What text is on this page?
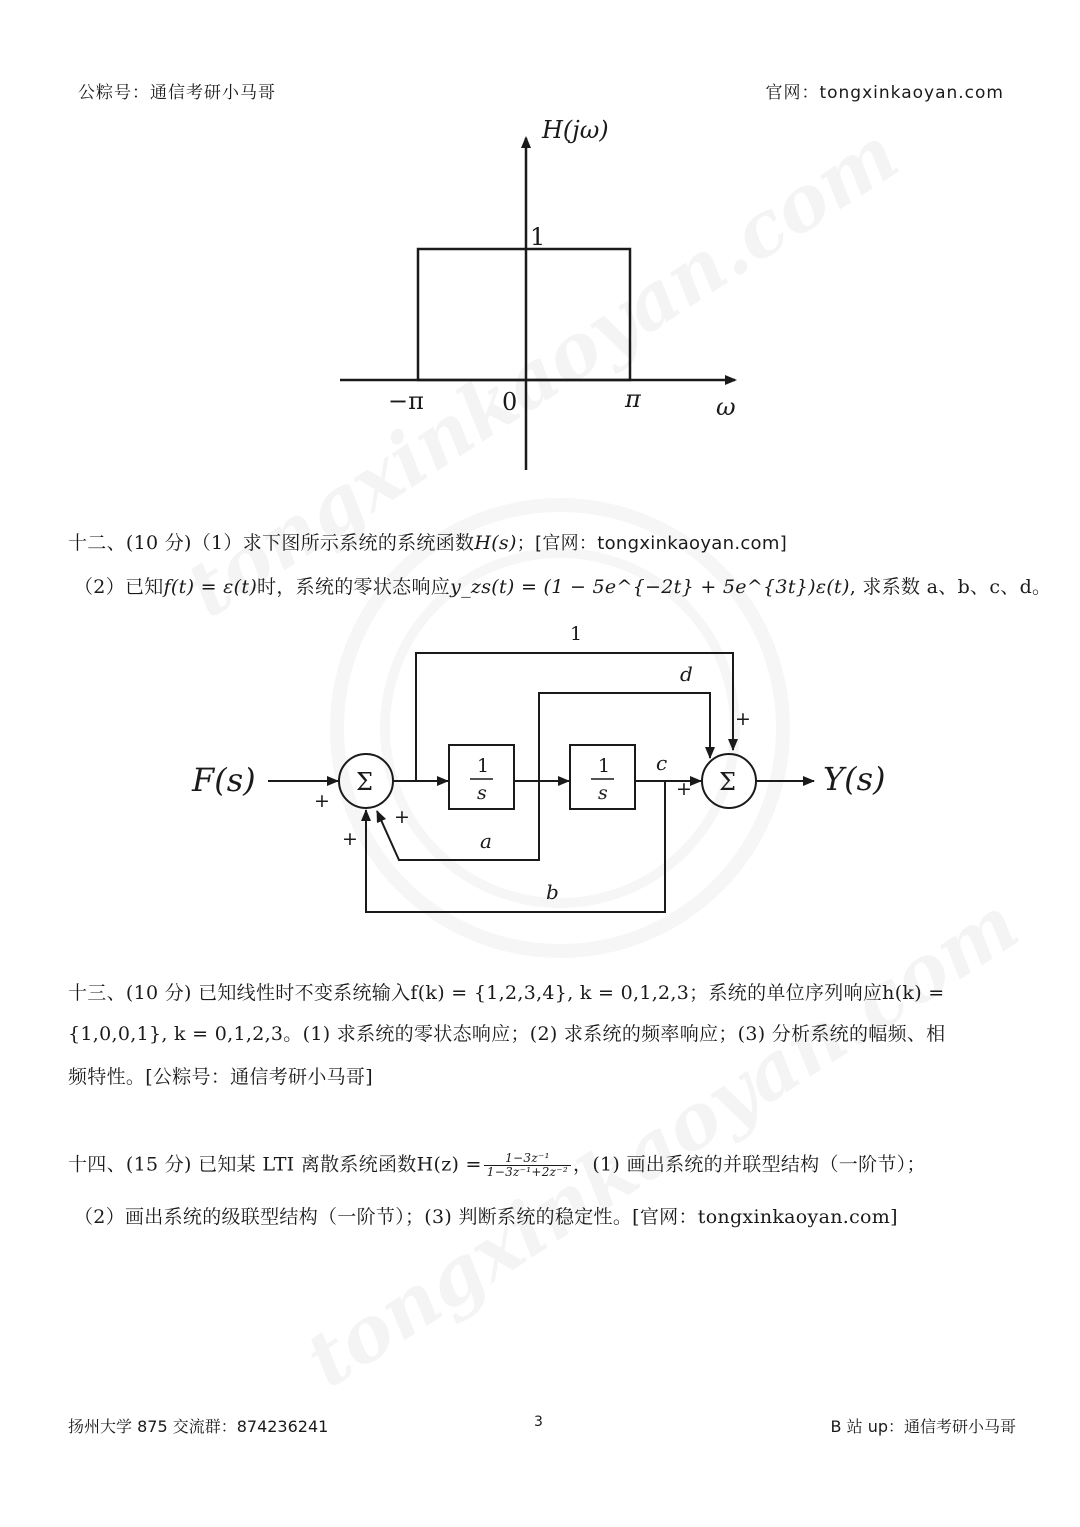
公粽号：通信考研小马哥	官网：tongxinkaoyan.com
H(jω)
1
−π	0	π	ω
十二、(10 分)（1）求下图所示系统的系统函数H(s)；[官网：tongxinkaoyan.com]
（2）已知f(t) = ε(t)时，系统的零状态响应y_zs(t) = (1 − 5e^{−2t} + 5e^{3t})ε(t), 求系数 a、b、c、d。
F(s)	Y(s)
Σ	Σ
1
s
1
s
1
d
c
a
b
+
+
+
+
+
十三、(10 分) 已知线性时不变系统输入f(k) = {1,2,3,4}, k = 0,1,2,3；系统的单位序列响应h(k) =
{1,0,0,1}, k = 0,1,2,3。(1) 求系统的零状态响应；(2) 求系统的频率响应；(3) 分析系统的幅频、相
频特性。[公粽号：通信考研小马哥]
十四、(15 分) 已知某 LTI 离散系统函数$H(z) = \frac{\text{1−3z⁻¹}}{\text{1−3z⁻¹+2z⁻²}}$ ，(1) 画出系统的并联型结构（一阶节）；
（2）画出系统的级联型结构（一阶节）；(3) 判断系统的稳定性。[官网：tongxinkaoyan.com]
扬州大学 875 交流群：874236241	3	B 站 up：通信考研小马哥
